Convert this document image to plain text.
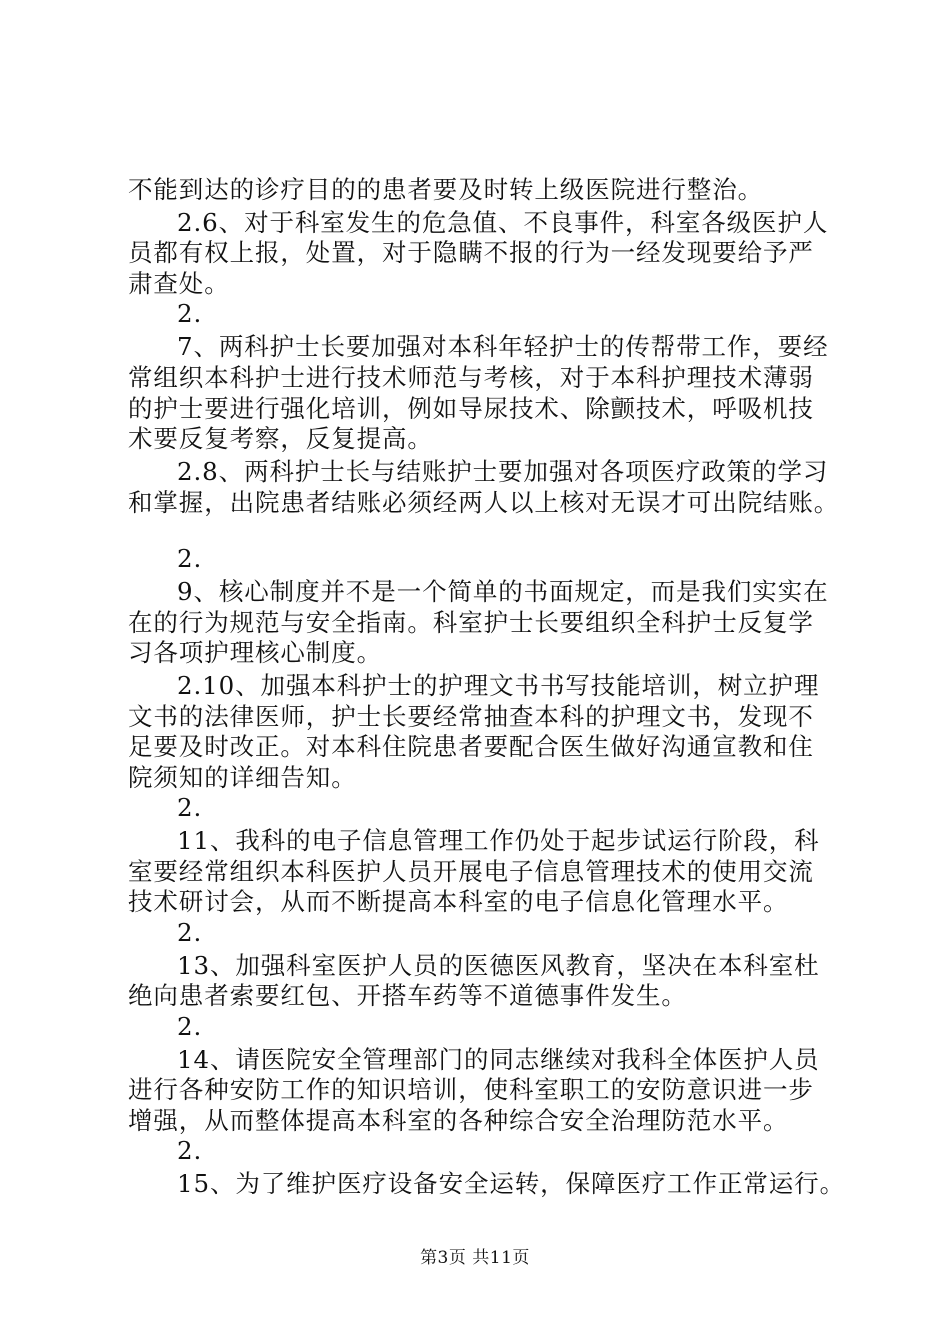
不能到达的诊疗目的的患者要及时转上级医院进行整治。
2.6、对于科室发生的危急值、不良事件，科室各级医护人
员都有权上报，处置，对于隐瞒不报的行为一经发现要给予严
肃查处。
2.
7、两科护士长要加强对本科年轻护士的传帮带工作，要经
常组织本科护士进行技术师范与考核，对于本科护理技术薄弱
的护士要进行强化培训，例如导尿技术、除颤技术，呼吸机技
术要反复考察，反复提高。
2.8、两科护士长与结账护士要加强对各项医疗政策的学习
和掌握，出院患者结账必须经两人以上核对无误才可出院结账。
2.
9、核心制度并不是一个简单的书面规定，而是我们实实在
在的行为规范与安全指南。科室护士长要组织全科护士反复学
习各项护理核心制度。
2.10、加强本科护士的护理文书书写技能培训，树立护理
文书的法律医师，护士长要经常抽查本科的护理文书，发现不
足要及时改正。对本科住院患者要配合医生做好沟通宣教和住
院须知的详细告知。
2.
11、我科的电子信息管理工作仍处于起步试运行阶段，科
室要经常组织本科医护人员开展电子信息管理技术的使用交流
技术研讨会，从而不断提高本科室的电子信息化管理水平。
2.
13、加强科室医护人员的医德医风教育，坚决在本科室杜
绝向患者索要红包、开搭车药等不道德事件发生。
2.
14、请医院安全管理部门的同志继续对我科全体医护人员
进行各种安防工作的知识培训，使科室职工的安防意识进一步
增强，从而整体提高本科室的各种综合安全治理防范水平。
2.
15、为了维护医疗设备安全运转，保障医疗工作正常运行。
第3页 共11页
